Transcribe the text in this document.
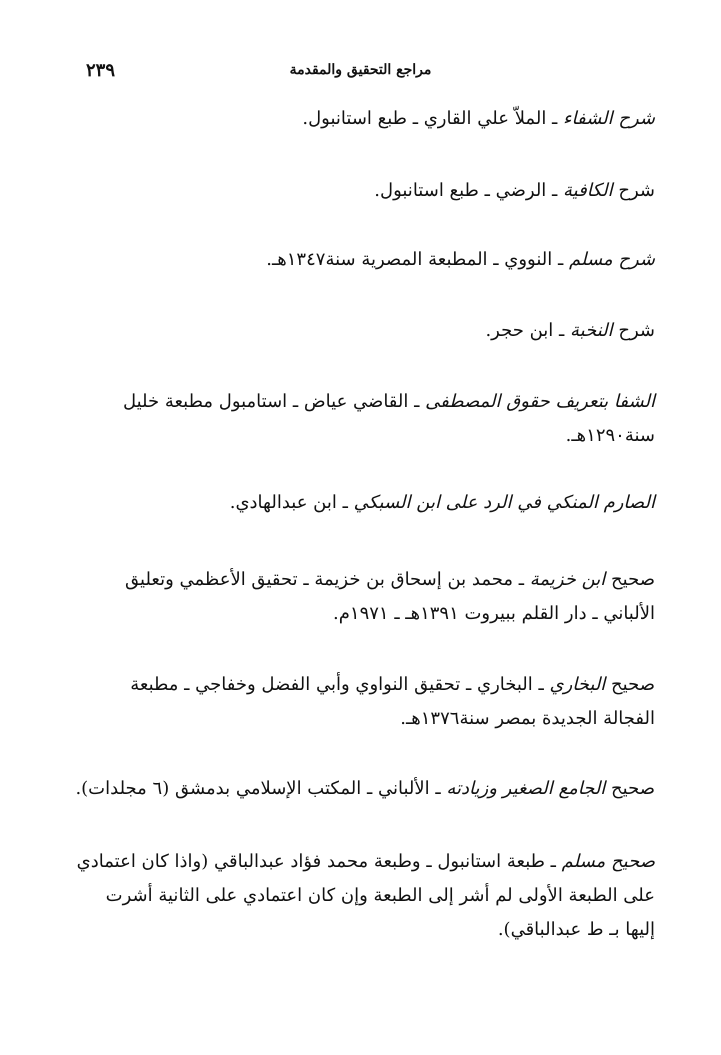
٢٣٩	مراجع التحقيق والمقدمة
شرح الشفاء ـ الملاّ علي القاري ـ طبع استانبول.
شرح الكافية ـ الرضي ـ طبع استانبول.
شرح مسلم ـ النووي ـ المطبعة المصرية سنة١٣٤٧هـ.
شرح النخبة ـ ابن حجر.
الشفا بتعريف حقوق المصطفى ـ القاضي عياض ـ استامبول مطبعة خليل سنة١٢٩٠هـ.
الصارم المنكي في الرد على ابن السبكي ـ ابن عبدالهادي.
صحيح ابن خزيمة ـ محمد بن إسحاق بن خزيمة ـ تحقيق الأعظمي وتعليق الألباني ـ دار القلم ببيروت ١٣٩١هـ ـ ١٩٧١م.
صحيح البخاري ـ البخاري ـ تحقيق النواوي وأبي الفضل وخفاجي ـ مطبعة الفجالة الجديدة بمصر سنة١٣٧٦هـ.
صحيح الجامع الصغير وزيادته ـ الألباني ـ المكتب الإسلامي بدمشق (٦ مجلدات).
صحيح مسلم ـ طبعة استانبول ـ وطبعة محمد فؤاد عبدالباقي (واذا كان اعتمادي على الطبعة الأولى لم أشر إلى الطبعة وإن كان اعتمادي على الثانية أشرت إليها بـ ط عبدالباقي).
